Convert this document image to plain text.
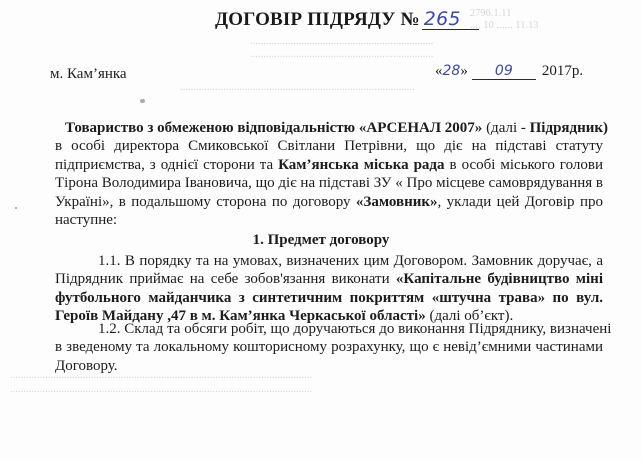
2796.1.11
.... 10 ...... 11.13
....................................................................
....................................................................
.......................................................................................
................................................................................................................
................................................................................................................
ДОГОВІР ПІДРЯДУ № 265
м. Кам’янка	«28» 09 2017р.
Товариство з обмеженою відповідальністю «АРСЕНАЛ 2007» (далі - Підрядник)
в особі директора Смиковської Світлани Петрівни, що діє на підставі статуту
підприємства, з однієї сторони та Кам’янська міська рада в особі міського голови
Тірона Володимира Івановича, що діє на підставі ЗУ « Про місцеве самоврядування в
Україні», в подальшому сторона по договору «Замовник», уклади цей Договір про
наступне:
1. Предмет договору
1.1. В порядку та на умовах, визначених цим Договором. Замовник доручає, а
Підрядник приймає на себе зобов'язання виконати «Капітальне будівництво міні
футбольного майданчика з синтетичним покриттям «штучна трава» по вул.
Героїв Майдану ,47 в м. Кам’янка Черкаської області» (далі об’єкт).
1.2. Склад та обсяги робіт, що доручаються до виконання Підряднику, визначені
в зведеному та локальному кошторисному розрахунку, що є невід’ємними частинами
Договору.
